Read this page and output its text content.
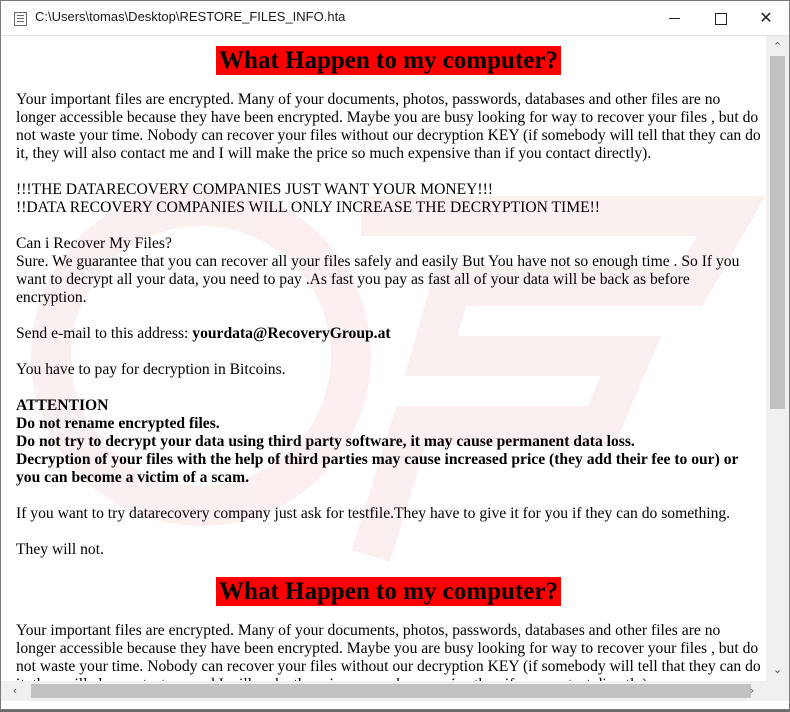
C:\Users\tomas\Desktop\RESTORE_FILES_INFO.hta	✕
What Happen to my computer?

Your important files are encrypted. Many of your documents, photos, passwords, databases and other files are no longer accessible because they have been encrypted. Maybe you are busy looking for way to recover your files , but do not waste your time. Nobody can recover your files without our decryption KEY (if somebody will tell that they can do it, they will also contact me and I will make the price so much expensive than if you contact directly).

!!!THE DATARECOVERY COMPANIES JUST WANT YOUR MONEY!!!
!!DATA RECOVERY COMPANIES WILL ONLY INCREASE THE DECRYPTION TIME!!

Can i Recover My Files?
Sure. We guarantee that you can recover all your files safely and easily But You have not so enough time . So If you want to decrypt all your data, you need to pay .As fast you pay as fast all of your data will be back as before encryption.

Send e-mail to this address: yourdata@RecoveryGroup.at

You have to pay for decryption in Bitcoins.

ATTENTION
Do not rename encrypted files.
Do not try to decrypt your data using third party software, it may cause permanent data loss.
Decryption of your files with the help of third parties may cause increased price (they add their fee to our) or you can become a victim of a scam.

If you want to try datarecovery company just ask for testfile.They have to give it for you if they can do something.

They will not.

What Happen to my computer?

Your important files are encrypted. Many of your documents, photos, passwords, databases and other files are no longer accessible because they have been encrypted. Maybe you are busy looking for way to recover your files , but do not waste your time. Nobody can recover your files without our decryption KEY (if somebody will tell that they can do

⌃
⌄
‹	›
